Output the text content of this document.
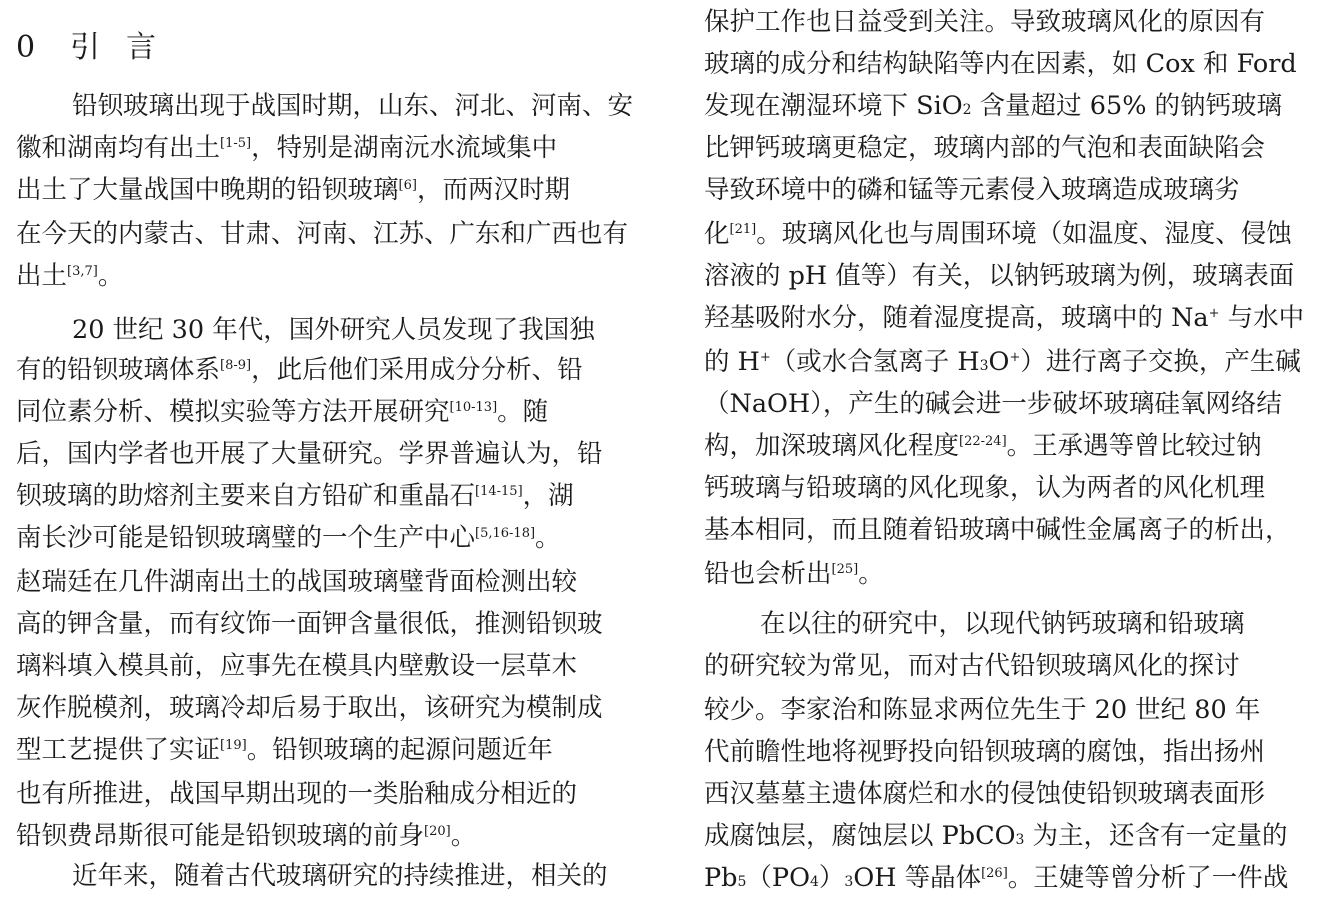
0 引 言
铅钡玻璃出现于战国时期，山东、河北、河南、安
徽和湖南均有出土[1-5]，特别是湖南沅水流域集中
出土了大量战国中晚期的铅钡玻璃[6]，而两汉时期
在今天的内蒙古、甘肃、河南、江苏、广东和广西也有
出土[3,7]。
20 世纪 30 年代，国外研究人员发现了我国独
有的铅钡玻璃体系[8-9]，此后他们采用成分分析、铅
同位素分析、模拟实验等方法开展研究[10-13]。随
后，国内学者也开展了大量研究。学界普遍认为，铅
钡玻璃的助熔剂主要来自方铅矿和重晶石[14-15]，湖
南长沙可能是铅钡玻璃璧的一个生产中心[5,16-18]。
赵瑞廷在几件湖南出土的战国玻璃璧背面检测出较
高的钾含量，而有纹饰一面钾含量很低，推测铅钡玻
璃料填入模具前，应事先在模具内壁敷设一层草木
灰作脱模剂，玻璃冷却后易于取出，该研究为模制成
型工艺提供了实证[19]。铅钡玻璃的起源问题近年
也有所推进，战国早期出现的一类胎釉成分相近的
铅钡费昂斯很可能是铅钡玻璃的前身[20]。
近年来，随着古代玻璃研究的持续推进，相关的
保护工作也日益受到关注。导致玻璃风化的原因有
玻璃的成分和结构缺陷等内在因素，如 Cox 和 Ford
发现在潮湿环境下 SiO$_2$ 含量超过 65% 的钠钙玻璃
比钾钙玻璃更稳定，玻璃内部的气泡和表面缺陷会
导致环境中的磷和锰等元素侵入玻璃造成玻璃劣
化[21]。玻璃风化也与周围环境（如温度、湿度、侵蚀
溶液的 pH 值等）有关，以钠钙玻璃为例，玻璃表面
羟基吸附水分，随着湿度提高，玻璃中的 Na+ 与水中
的 H+（或水合氢离子 $H_3O^+$）进行离子交换，产生碱
（NaOH），产生的碱会进一步破坏玻璃硅氧网络结
构，加深玻璃风化程度[22-24]。王承遇等曾比较过钠
钙玻璃与铅玻璃的风化现象，认为两者的风化机理
基本相同，而且随着铅玻璃中碱性金属离子的析出，
铅也会析出[25]。
在以往的研究中，以现代钠钙玻璃和铅玻璃
的研究较为常见，而对古代铅钡玻璃风化的探讨
较少。李家治和陈显求两位先生于 20 世纪 80 年
代前瞻性地将视野投向铅钡玻璃的腐蚀，指出扬州
西汉墓墓主遗体腐烂和水的侵蚀使铅钡玻璃表面形
成腐蚀层，腐蚀层以 PbCO$_3$ 为主，还含有一定量的
$Pb_5(PO_4)_3OH$ 等晶体[26]。王婕等曾分析了一件战
